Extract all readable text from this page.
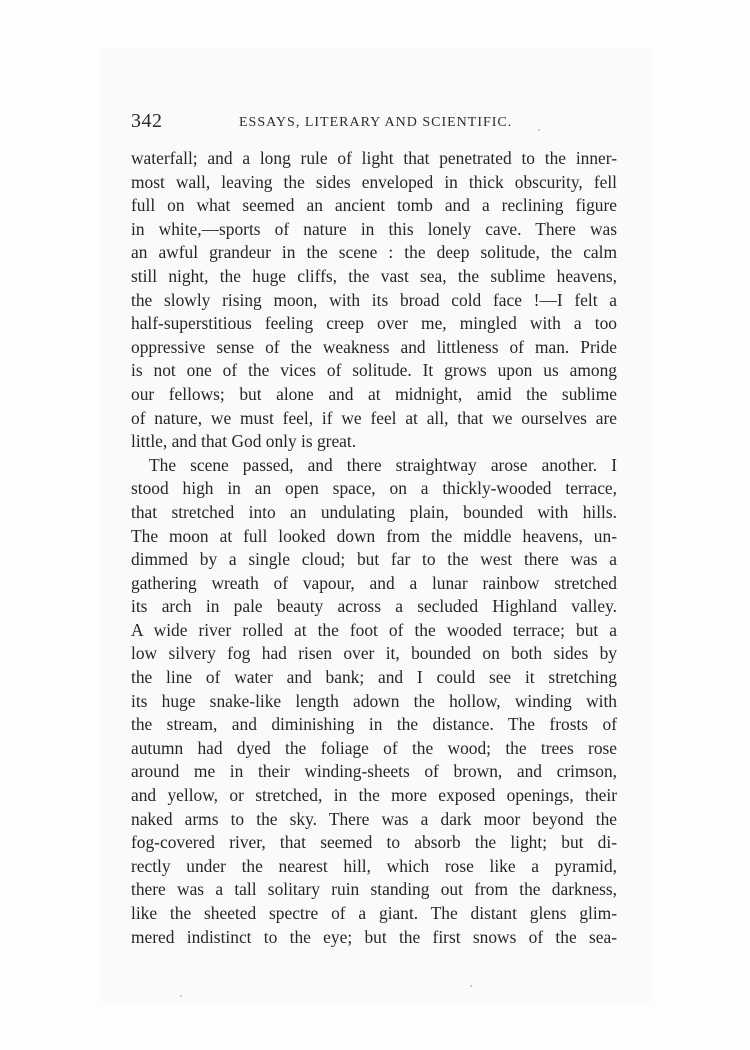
342	ESSAYS, LITERARY AND SCIENTIFIC.
waterfall; and a long rule of light that penetrated to the inner-
most wall, leaving the sides enveloped in thick obscurity, fell
full on what seemed an ancient tomb and a reclining figure
in white,—sports of nature in this lonely cave. There was
an awful grandeur in the scene : the deep solitude, the calm
still night, the huge cliffs, the vast sea, the sublime heavens,
the slowly rising moon, with its broad cold face !—I felt a
half-superstitious feeling creep over me, mingled with a too
oppressive sense of the weakness and littleness of man. Pride
is not one of the vices of solitude. It grows upon us among
our fellows; but alone and at midnight, amid the sublime
of nature, we must feel, if we feel at all, that we ourselves are
little, and that God only is great.
The scene passed, and there straightway arose another. I
stood high in an open space, on a thickly-wooded terrace,
that stretched into an undulating plain, bounded with hills.
The moon at full looked down from the middle heavens, un-
dimmed by a single cloud; but far to the west there was a
gathering wreath of vapour, and a lunar rainbow stretched
its arch in pale beauty across a secluded Highland valley.
A wide river rolled at the foot of the wooded terrace; but a
low silvery fog had risen over it, bounded on both sides by
the line of water and bank; and I could see it stretching
its huge snake-like length adown the hollow, winding with
the stream, and diminishing in the distance. The frosts of
autumn had dyed the foliage of the wood; the trees rose
around me in their winding-sheets of brown, and crimson,
and yellow, or stretched, in the more exposed openings, their
naked arms to the sky. There was a dark moor beyond the
fog-covered river, that seemed to absorb the light; but di-
rectly under the nearest hill, which rose like a pyramid,
there was a tall solitary ruin standing out from the darkness,
like the sheeted spectre of a giant. The distant glens glim-
mered indistinct to the eye; but the first snows of the sea-
